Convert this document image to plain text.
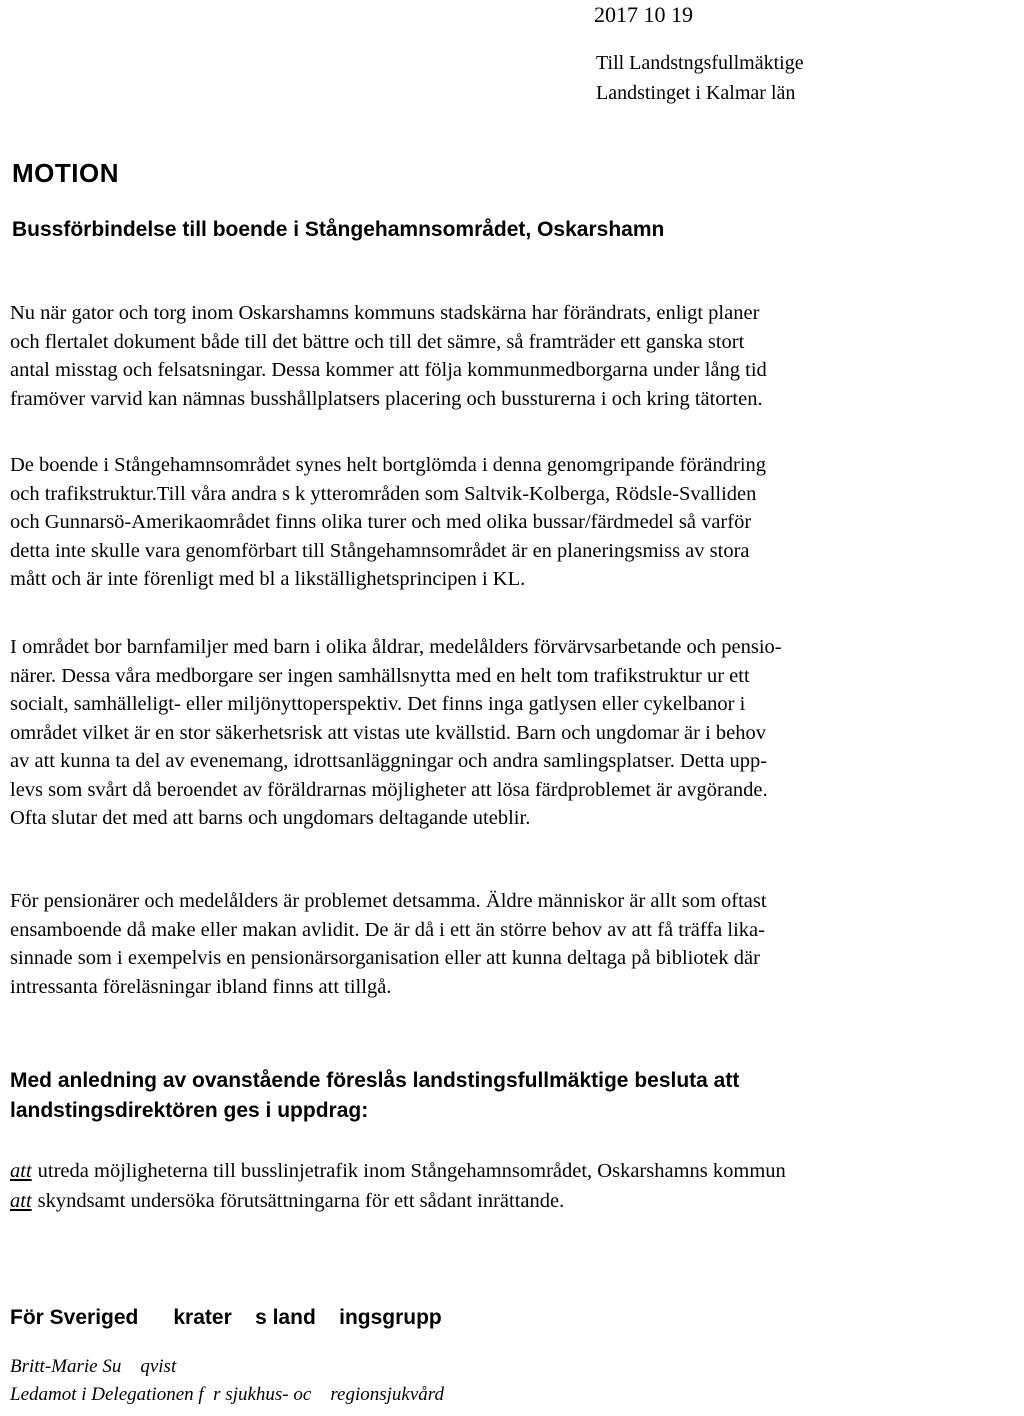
2017 10 19
Till Landstngsfullmäktige
Landstinget i Kalmar län
MOTION
Bussförbindelse till boende i Stångehamnsområdet, Oskarshamn
Nu när gator och torg inom Oskarshamns kommuns stadskärna har förändrats, enligt planer
och flertalet dokument både till det bättre och till det sämre, så framträder ett ganska stort
antal misstag och felsatsningar. Dessa kommer att följa kommunmedborgarna under lång tid
framöver varvid kan nämnas busshållplatsers placering och bussturerna i och kring tätorten.
De boende i Stångehamnsområdet synes helt bortglömda i denna genomgripande förändring
och trafikstruktur.Till våra andra s k ytterområden som Saltvik-Kolberga, Rödsle-Svalliden
och Gunnarsö-Amerikaområdet finns olika turer och med olika bussar/färdmedel så varför
detta inte skulle vara genomförbart till Stångehamnsområdet är en planeringsmiss av stora
mått och är inte förenligt med bl a likställighetsprincipen i KL.
I området bor barnfamiljer med barn i olika åldrar, medelålders förvärvsarbetande och pensio-
närer. Dessa våra medborgare ser ingen samhällsnytta med en helt tom trafikstruktur ur ett
socialt, samhälleligt- eller miljönyttoperspektiv. Det finns inga gatlysen eller cykelbanor i
området vilket är en stor säkerhetsrisk att vistas ute kvällstid. Barn och ungdomar är i behov
av att kunna ta del av evenemang, idrottsanläggningar och andra samlingsplatser. Detta upp-
levs som svårt då beroendet av föräldrarnas möjligheter att lösa färdproblemet är avgörande.
Ofta slutar det med att barns och ungdomars deltagande uteblir.
För pensionärer och medelålders är problemet detsamma. Äldre människor är allt som oftast
ensamboende då make eller makan avlidit. De är då i ett än större behov av att få träffa lika-
sinnade som i exempelvis en pensionärsorganisation eller att kunna deltaga på bibliotek där
intressanta föreläsningar ibland finns att tillgå.
Med anledning av ovanstående föreslås landstingsfullmäktige besluta att
landstingsdirektören ges i uppdrag:
att utreda möjligheterna till busslinjetrafik inom Stångehamnsområdet, Oskarshamns kommun
att skyndsamt undersöka förutsättningarna för ett sådant inrättande.
För Sveriged      krater    s land    ingsgrupp
Britt-Marie Su    qvist
Ledamot i Delegationen f  r sjukhus- oc    regionsjukvård
